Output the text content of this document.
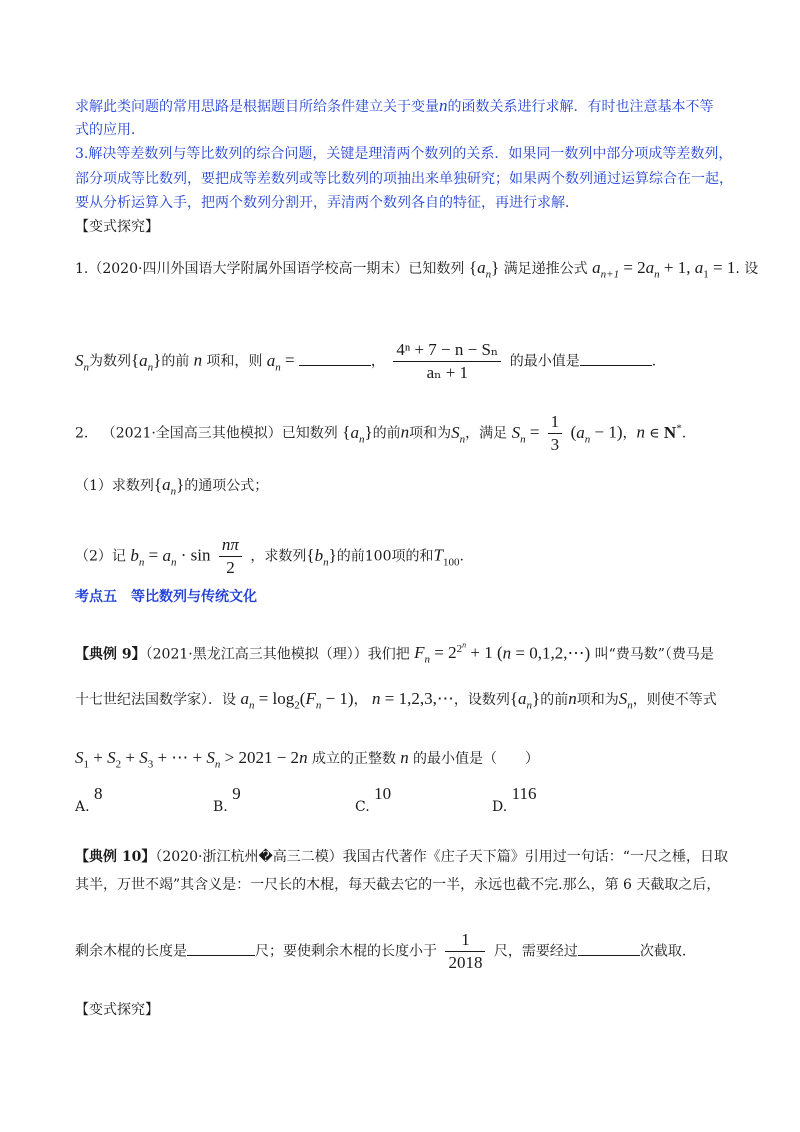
求解此类问题的常用思路是根据题目所给条件建立关于变量n的函数关系进行求解．有时也注意基本不等
式的应用．
3.解决等差数列与等比数列的综合问题，关键是理清两个数列的关系．如果同一数列中部分项成等差数列，
部分项成等比数列，要把成等差数列或等比数列的项抽出来单独研究；如果两个数列通过运算综合在一起，
要从分析运算入手，把两个数列分割开，弄清两个数列各自的特征，再进行求解．
【变式探究】
1.（2020·四川外国语大学附属外国语学校高一期末）已知数列 $\{a_n\}$ 满足递推公式 $a_{n+1} = 2a_n + 1$, $a_1 = 1$. 设
$S_n$为数列$\{a_n\}$的前 n 项和，则 $a_n$ =	， $\frac{\text{4ⁿ + 7 − n − Sₙ}}{\text{aₙ + 1}}$ 的最小值是	.
2. （2021·全国高三其他模拟）已知数列 $\{a_n\}$的前n项和为$S_n$，满足 $S_n = \frac{1}{3} (a_n - 1)$，n ∈ N*.
（1）求数列$\{a_n\}$的通项公式；
（2）记 $b_n = a_n \cdot \sin \frac{n\pi}{2}$ ，求数列$\{b_n\}$的前100项的和$T_{100}$.
考点五　等比数列与传统文化
【典例 9】（2021·黑龙江高三其他模拟（理））我们把 $F_n = 2^{2^n} + 1$ (n = 0,1,2,⋯) 叫“费马数”（费马是
十七世纪法国数学家）．设 $a_n = \log_2(F_n - 1)$， n = 1,2,3,⋯，设数列$\{a_n\}$的前n项和为$S_n$，则使不等式
$S_1 + S_2 + S_3$ + ⋯ + $S_n > 2021 - 2n$ 成立的正整数 n 的最小值是（　　）
A. 8
B. 9
C. 10
D. 116
【典例 10】（2020·浙江杭州�高三二模）我国古代著作《庄子天下篇》引用过一句话：“一尺之棰，日取
其半，万世不竭”其含义是：一尺长的木棍，每天截去它的一半，永远也截不完.那么，第 6 天截取之后，
剩余木棍的长度是	尺；要使剩余木棍的长度小于 $\frac{1}{2018}$ 尺，需要经过	次截取.
【变式探究】
